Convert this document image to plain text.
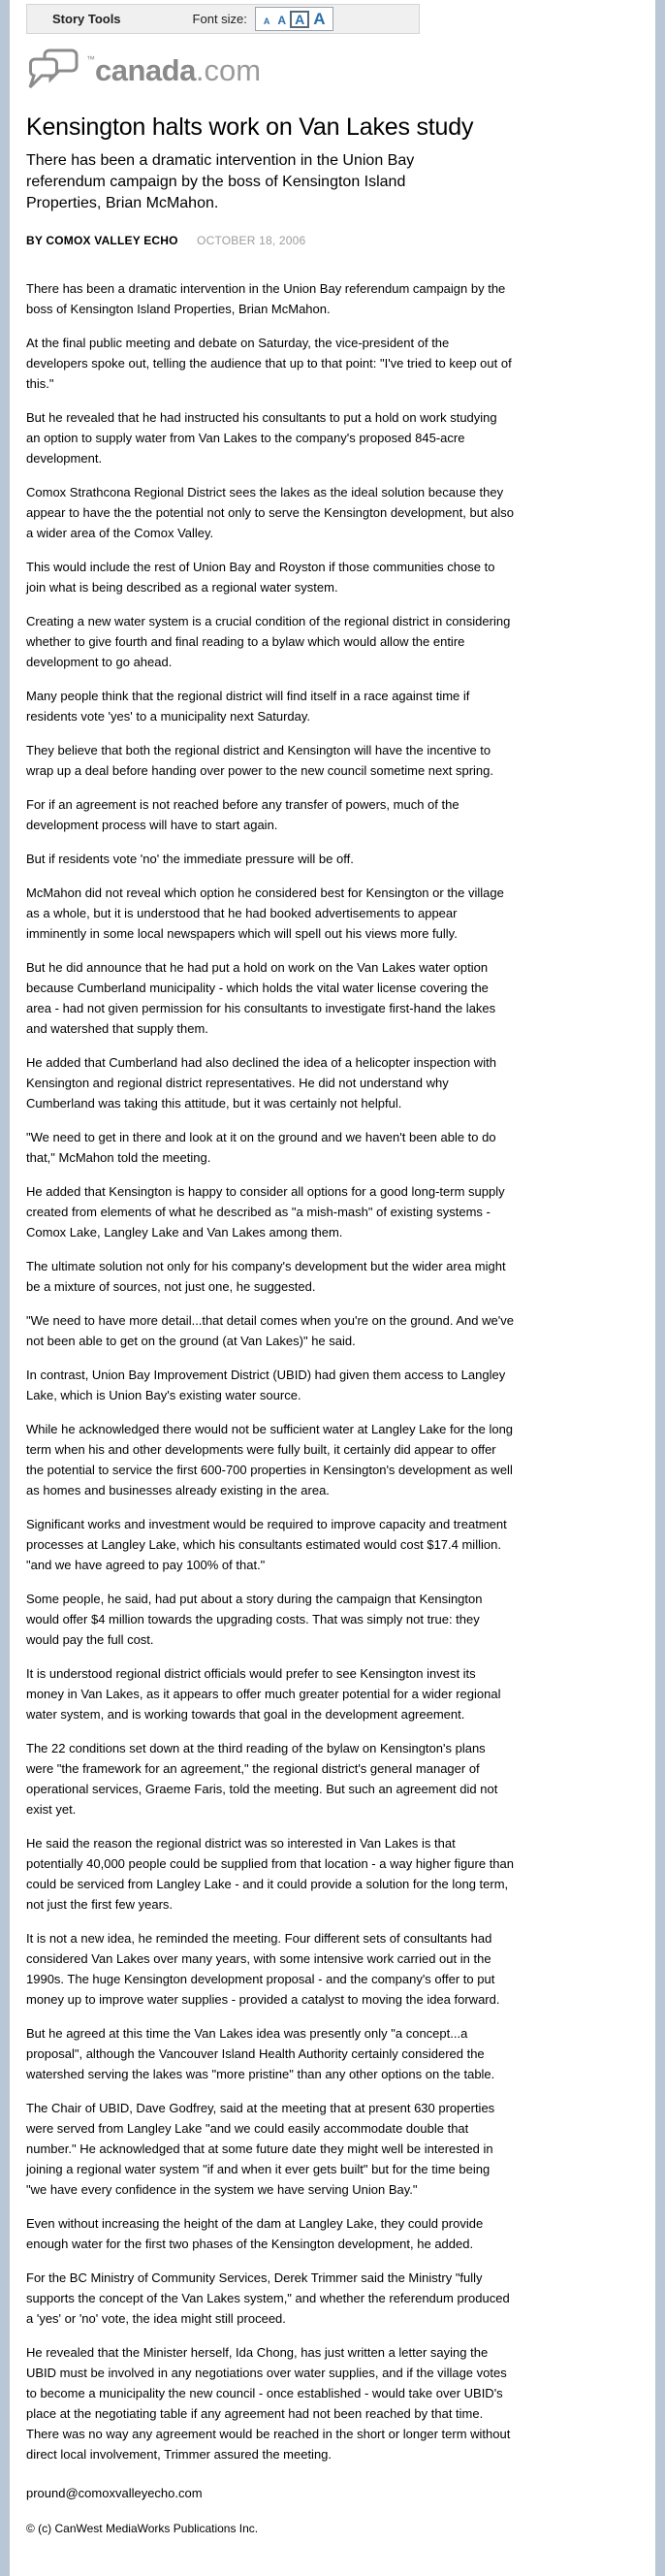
Story Tools	Font size:	A A A A
™ canada .com
Kensington halts work on Van Lakes study
There has been a dramatic intervention in the Union Bay referendum campaign by the boss of Kensington Island Properties, Brian McMahon.
BY COMOX VALLEY ECHO OCTOBER 18, 2006

There has been a dramatic intervention in the Union Bay referendum campaign by the boss of Kensington Island Properties, Brian McMahon.

At the final public meeting and debate on Saturday, the vice-president of the developers spoke out, telling the audience that up to that point: "I've tried to keep out of this."

But he revealed that he had instructed his consultants to put a hold on work studying an option to supply water from Van Lakes to the company's proposed 845-acre development.

Comox Strathcona Regional District sees the lakes as the ideal solution because they appear to have the the potential not only to serve the Kensington development, but also a wider area of the Comox Valley.

This would include the rest of Union Bay and Royston if those communities chose to join what is being described as a regional water system.

Creating a new water system is a crucial condition of the regional district in considering whether to give fourth and final reading to a bylaw which would allow the entire development to go ahead.

Many people think that the regional district will find itself in a race against time if residents vote 'yes' to a municipality next Saturday.

They believe that both the regional district and Kensington will have the incentive to wrap up a deal before handing over power to the new council sometime next spring.

For if an agreement is not reached before any transfer of powers, much of the development process will have to start again.

But if residents vote 'no' the immediate pressure will be off.

McMahon did not reveal which option he considered best for Kensington or the village as a whole, but it is understood that he had booked advertisements to appear imminently in some local newspapers which will spell out his views more fully.

But he did announce that he had put a hold on work on the Van Lakes water option because Cumberland municipality - which holds the vital water license covering the area - had not given permission for his consultants to investigate first-hand the lakes and watershed that supply them.

He added that Cumberland had also declined the idea of a helicopter inspection with Kensington and regional district representatives. He did not understand why Cumberland was taking this attitude, but it was certainly not helpful.

"We need to get in there and look at it on the ground and we haven't been able to do that," McMahon told the meeting.

He added that Kensington is happy to consider all options for a good long-term supply created from elements of what he described as "a mish-mash" of existing systems - Comox Lake, Langley Lake and Van Lakes among them.

The ultimate solution not only for his company's development but the wider area might be a mixture of sources, not just one, he suggested.

"We need to have more detail...that detail comes when you're on the ground. And we've not been able to get on the ground (at Van Lakes)" he said.

In contrast, Union Bay Improvement District (UBID) had given them access to Langley Lake, which is Union Bay's existing water source.

While he acknowledged there would not be sufficient water at Langley Lake for the long term when his and other developments were fully built, it certainly did appear to offer the potential to service the first 600-700 properties in Kensington's development as well as homes and businesses already existing in the area.

Significant works and investment would be required to improve capacity and treatment processes at Langley Lake, which his consultants estimated would cost $17.4 million. "and we have agreed to pay 100% of that."

Some people, he said, had put about a story during the campaign that Kensington would offer $4 million towards the upgrading costs. That was simply not true: they would pay the full cost.

It is understood regional district officials would prefer to see Kensington invest its money in Van Lakes, as it appears to offer much greater potential for a wider regional water system, and is working towards that goal in the development agreement.

The 22 conditions set down at the third reading of the bylaw on Kensington's plans were "the framework for an agreement," the regional district's general manager of operational services, Graeme Faris, told the meeting. But such an agreement did not exist yet.

He said the reason the regional district was so interested in Van Lakes is that potentially 40,000 people could be supplied from that location - a way higher figure than could be serviced from Langley Lake - and it could provide a solution for the long term, not just the first few years.

It is not a new idea, he reminded the meeting. Four different sets of consultants had considered Van Lakes over many years, with some intensive work carried out in the 1990s. The huge Kensington development proposal - and the company's offer to put money up to improve water supplies - provided a catalyst to moving the idea forward.

But he agreed at this time the Van Lakes idea was presently only "a concept...a proposal", although the Vancouver Island Health Authority certainly considered the watershed serving the lakes was "more pristine" than any other options on the table.

The Chair of UBID, Dave Godfrey, said at the meeting that at present 630 properties were served from Langley Lake "and we could easily accommodate double that number." He acknowledged that at some future date they might well be interested in joining a regional water system "if and when it ever gets built" but for the time being "we have every confidence in the system we have serving Union Bay."

Even without increasing the height of the dam at Langley Lake, they could provide enough water for the first two phases of the Kensington development, he added.

For the BC Ministry of Community Services, Derek Trimmer said the Ministry "fully supports the concept of the Van Lakes system," and whether the referendum produced a 'yes' or 'no' vote, the idea might still proceed.

He revealed that the Minister herself, Ida Chong, has just written a letter saying the UBID must be involved in any negotiations over water supplies, and if the village votes to become a municipality the new council - once established - would take over UBID's place at the negotiating table if any agreement had not been reached by that time. There was no way any agreement would be reached in the short or longer term without direct local involvement, Trimmer assured the meeting.

pround@comoxvalleyecho.com
© (c) CanWest MediaWorks Publications Inc.
